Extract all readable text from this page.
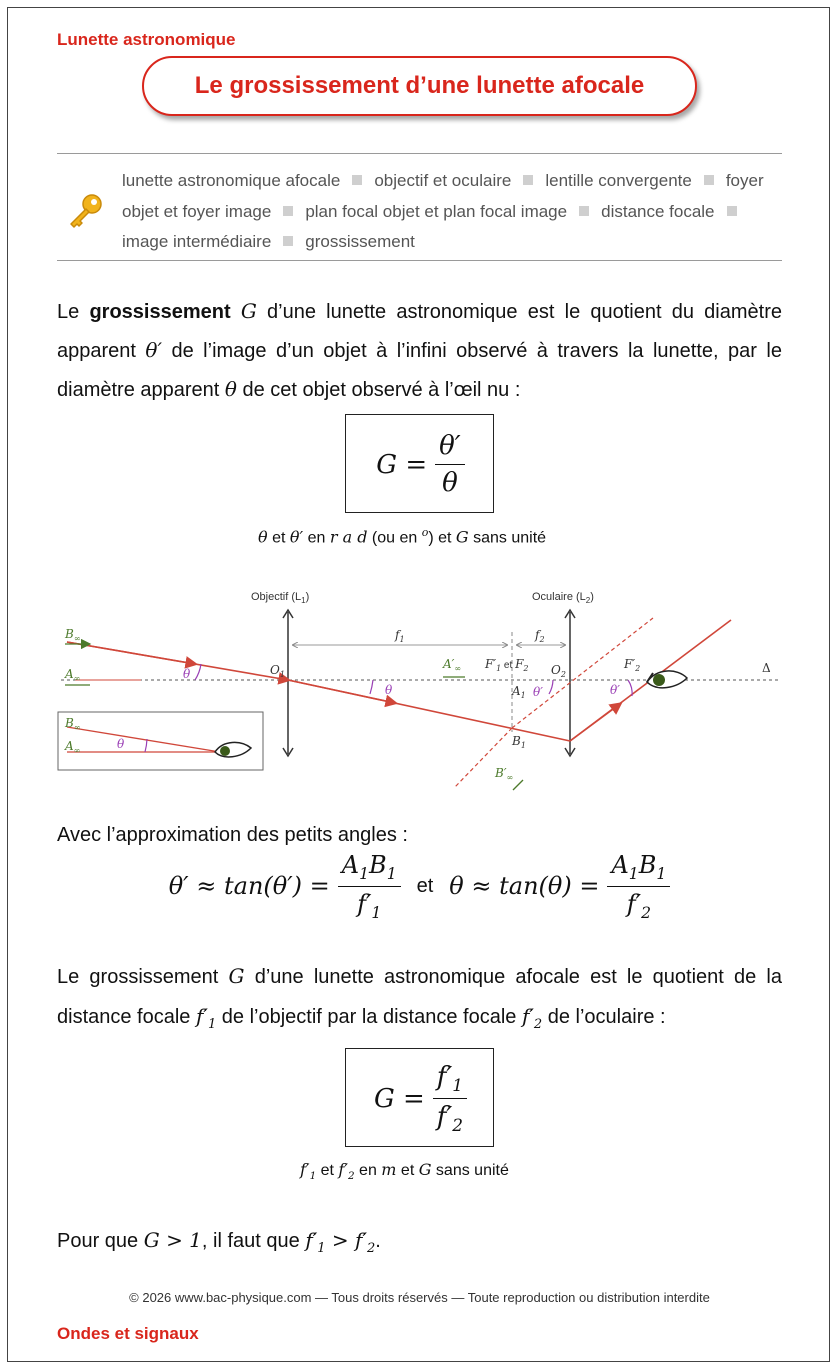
Lunette astronomique
Le grossissement d’une lunette afocale
lunette astronomique afocale objectif et oculaire lentille convergente foyer objet et foyer image plan focal objet et plan focal image distance focaleimage intermédiaire grossissement
Le grossissement G d’une lunette astronomique est le quotient du diamètre apparent θ′ de l’image d’un objet à l’infini observé à travers la lunette, par le diamètre apparent θ de cet objet observé à l’œil nu :
$G = \frac{\theta'}{\theta}$
θ et θ′ en r a d (ou en $^o$) et G sans unité
Objectif $(L_1)$	Oculaire $(L_2)$
$f_1$	$f_2$
$O_1$	$O_2$
$F'_1$ $^{et}$ $F_2$	$F'_2$
$A_1$
$B_1$
Δ
$B_\infty$
$A_\infty$
$A'_\infty$
$B'_\infty$
$B_\infty$
$A_\infty$
θ
θ	θ′	θ′
θ
Avec l’approximation des petits angles :
$\theta' \approx \tan(\theta') = \frac{A_1B_1}{f'_1}$ et $\theta \approx \tan(\theta) = \frac{A_1B_1}{f'_2}$
Le grossissement G d’une lunette astronomique afocale est le quotient de la distance focale $f'_1$ de l’objectif par la distance focale $f'_2$ de l’oculaire :
$G = \frac{f'_1}{f'_2}$
$f'_1$ et $f'_2$ en m et G sans unité
Pour que G > 1, il faut que $f'_1 > f'_2$.
© 2026 www.bac-physique.com — Tous droits réservés — Toute reproduction ou distribution interdite
Ondes et signaux
